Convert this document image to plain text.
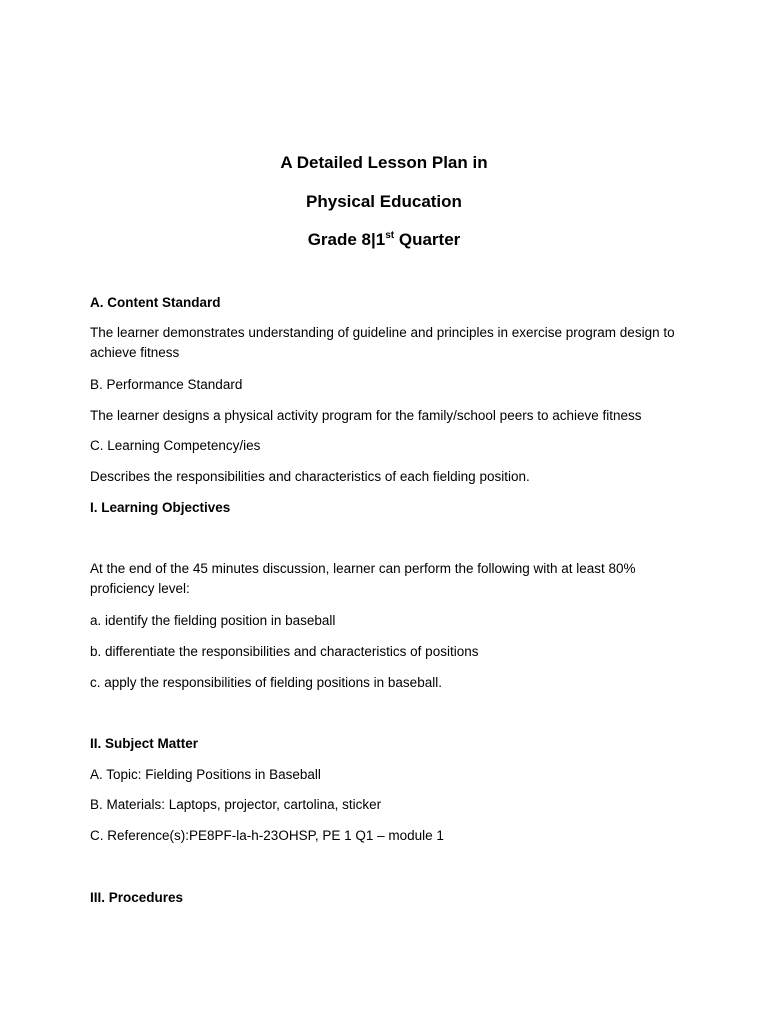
A Detailed Lesson Plan in
Physical Education
Grade 8|1st Quarter
A. Content Standard
The learner demonstrates understanding of guideline and principles in exercise program design to achieve fitness
B. Performance Standard
The learner designs a physical activity program for the family/school peers to achieve fitness
C. Learning Competency/ies
Describes the responsibilities and characteristics of each fielding position.
I. Learning Objectives
At the end of the 45 minutes discussion, learner can perform the following with at least 80% proficiency level:
a. identify the fielding position in baseball
b. differentiate the responsibilities and characteristics of positions
c. apply the responsibilities of fielding positions in baseball.
II. Subject Matter
A. Topic: Fielding Positions in Baseball
B. Materials: Laptops, projector, cartolina, sticker
C. Reference(s):PE8PF-la-h-23OHSP, PE 1 Q1 – module 1
III. Procedures
